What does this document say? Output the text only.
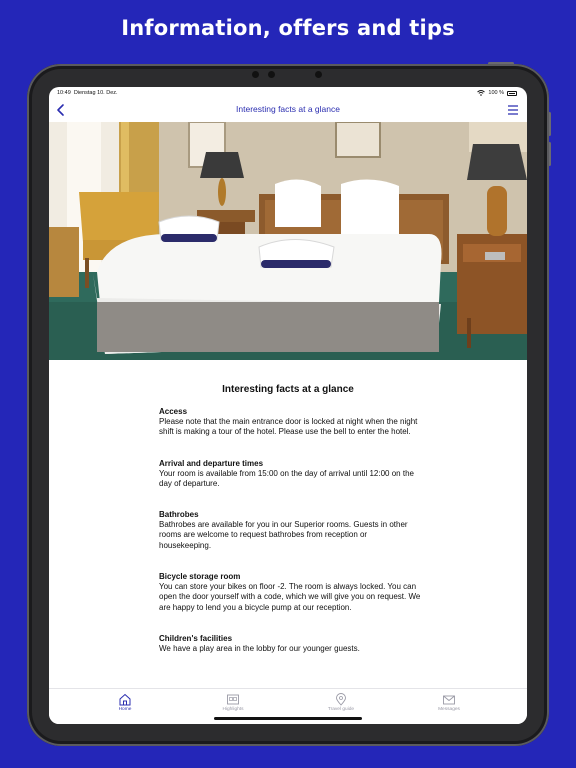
Information, offers and tips
10:49 Dienstag 10. Dez.	100 %
Interesting facts at a glance
Interesting facts at a glance
Access
Please note that the main entrance door is locked at night when the night shift is making a tour of the hotel. Please use the bell to enter the hotel.
Arrival and departure times
Your room is available from 15:00 on the day of arrival until 12:00 on the day of departure.
Bathrobes
Bathrobes are available for you in our Superior rooms. Guests in other rooms are welcome to request bathrobes from reception or housekeeping.
Bicycle storage room
You can store your bikes on floor -2. The room is always locked. You can open the door yourself with a code, which we will give you on request. We are happy to lend you a bicycle pump at our reception.
Children's facilities
We have a play area in the lobby for our younger guests.
Home	Highlights	Travel guide	Messages
